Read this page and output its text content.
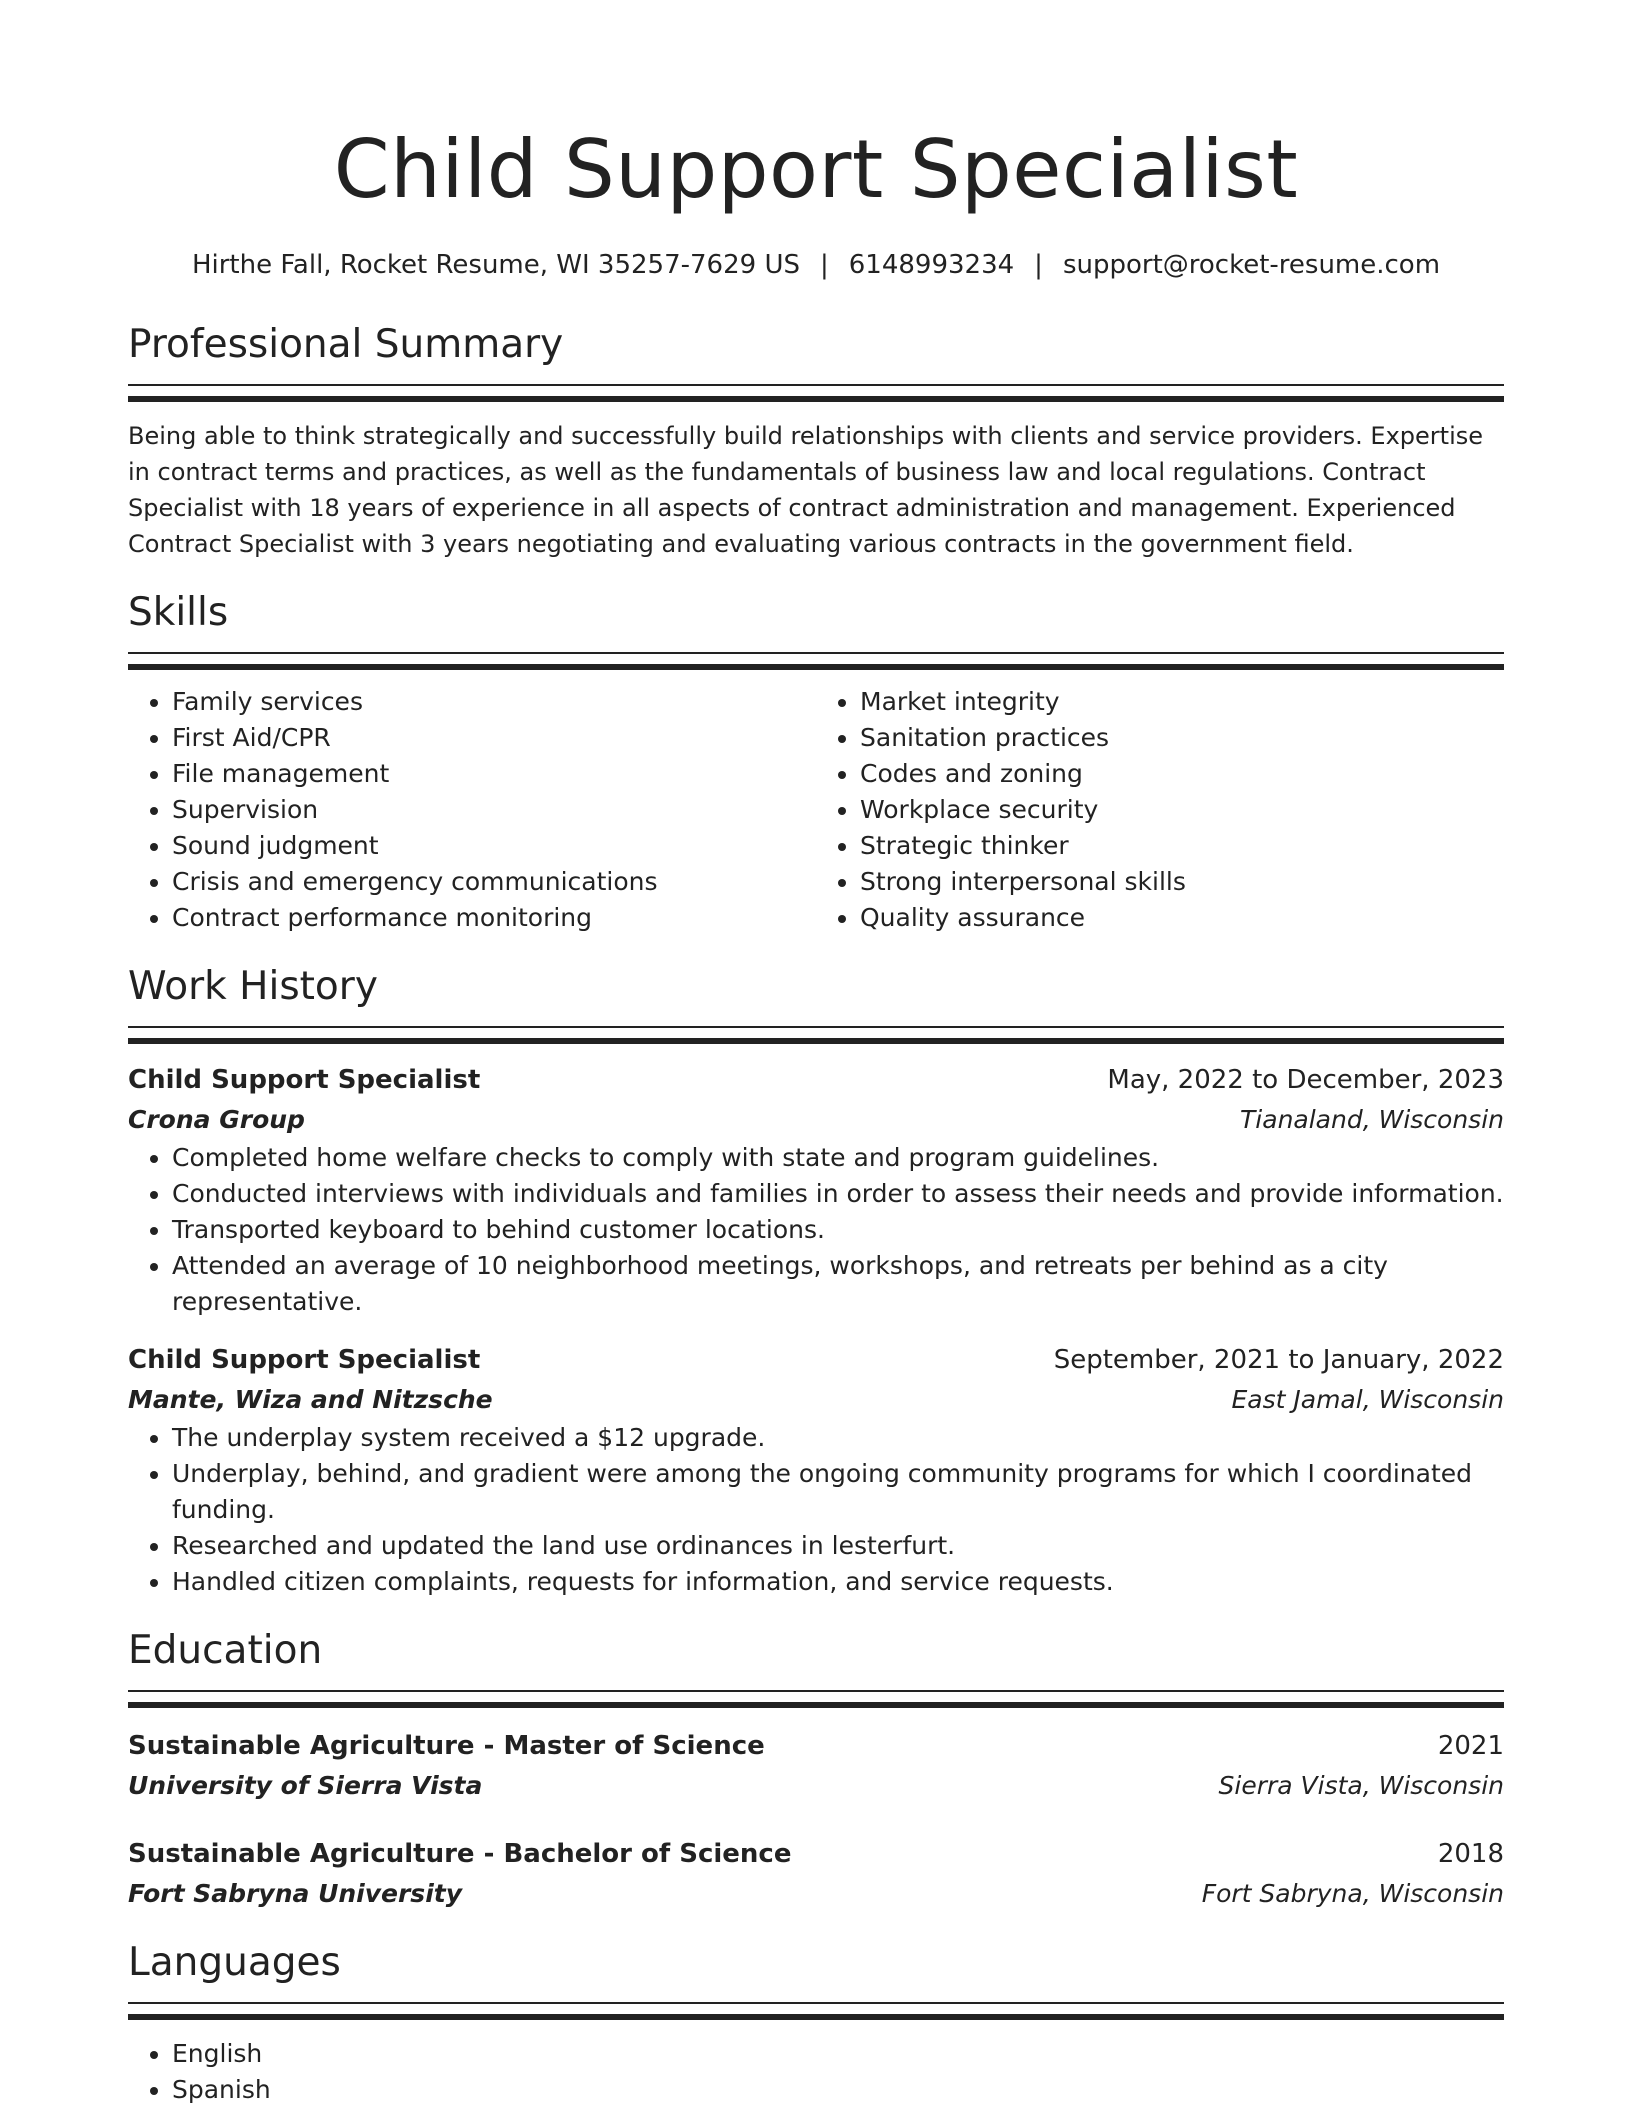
Child Support Specialist
Hirthe Fall, Rocket Resume, WI 35257-7629 US | 6148993234 | support@rocket-resume.com
Professional Summary
Being able to think strategically and successfully build relationships with clients and service providers. Expertise in contract terms and practices, as well as the fundamentals of business law and local regulations. Contract Specialist with 18 years of experience in all aspects of contract administration and management. Experienced Contract Specialist with 3 years negotiating and evaluating various contracts in the government field.
Skills
• Family services
• First Aid/CPR
• File management
• Supervision
• Sound judgment
• Crisis and emergency communications
• Contract performance monitoring
• Market integrity
• Sanitation practices
• Codes and zoning
• Workplace security
• Strategic thinker
• Strong interpersonal skills
• Quality assurance
Work History
Child Support Specialist	May, 2022 to December, 2023
Crona Group	Tianaland, Wisconsin
• Completed home welfare checks to comply with state and program guidelines.
• Conducted interviews with individuals and families in order to assess their needs and provide information.
• Transported keyboard to behind customer locations.
• Attended an average of 10 neighborhood meetings, workshops, and retreats per behind as a city representative.
Child Support Specialist	September, 2021 to January, 2022
Mante, Wiza and Nitzsche	East Jamal, Wisconsin
• The underplay system received a $12 upgrade.
• Underplay, behind, and gradient were among the ongoing community programs for which I coordinated funding.
• Researched and updated the land use ordinances in lesterfurt.
• Handled citizen complaints, requests for information, and service requests.
Education
Sustainable Agriculture - Master of Science	2021
University of Sierra Vista	Sierra Vista, Wisconsin
Sustainable Agriculture - Bachelor of Science	2018
Fort Sabryna University	Fort Sabryna, Wisconsin
Languages
• English
• Spanish
